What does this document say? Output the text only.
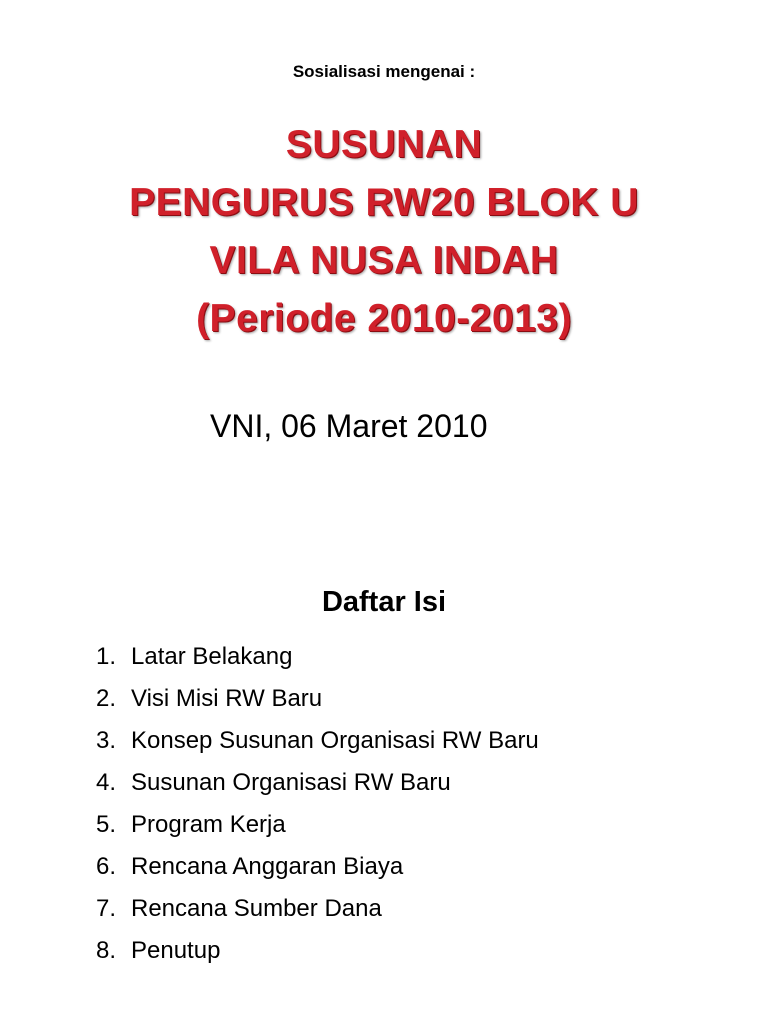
Sosialisasi mengenai :
SUSUNAN
PENGURUS RW20 BLOK U
VILA NUSA INDAH
(Periode 2010-2013)
VNI, 06 Maret 2010
Daftar Isi
1. Latar Belakang
2. Visi Misi RW Baru
3. Konsep Susunan Organisasi RW Baru
4. Susunan Organisasi RW Baru
5. Program Kerja
6. Rencana Anggaran Biaya
7. Rencana Sumber Dana
8. Penutup
